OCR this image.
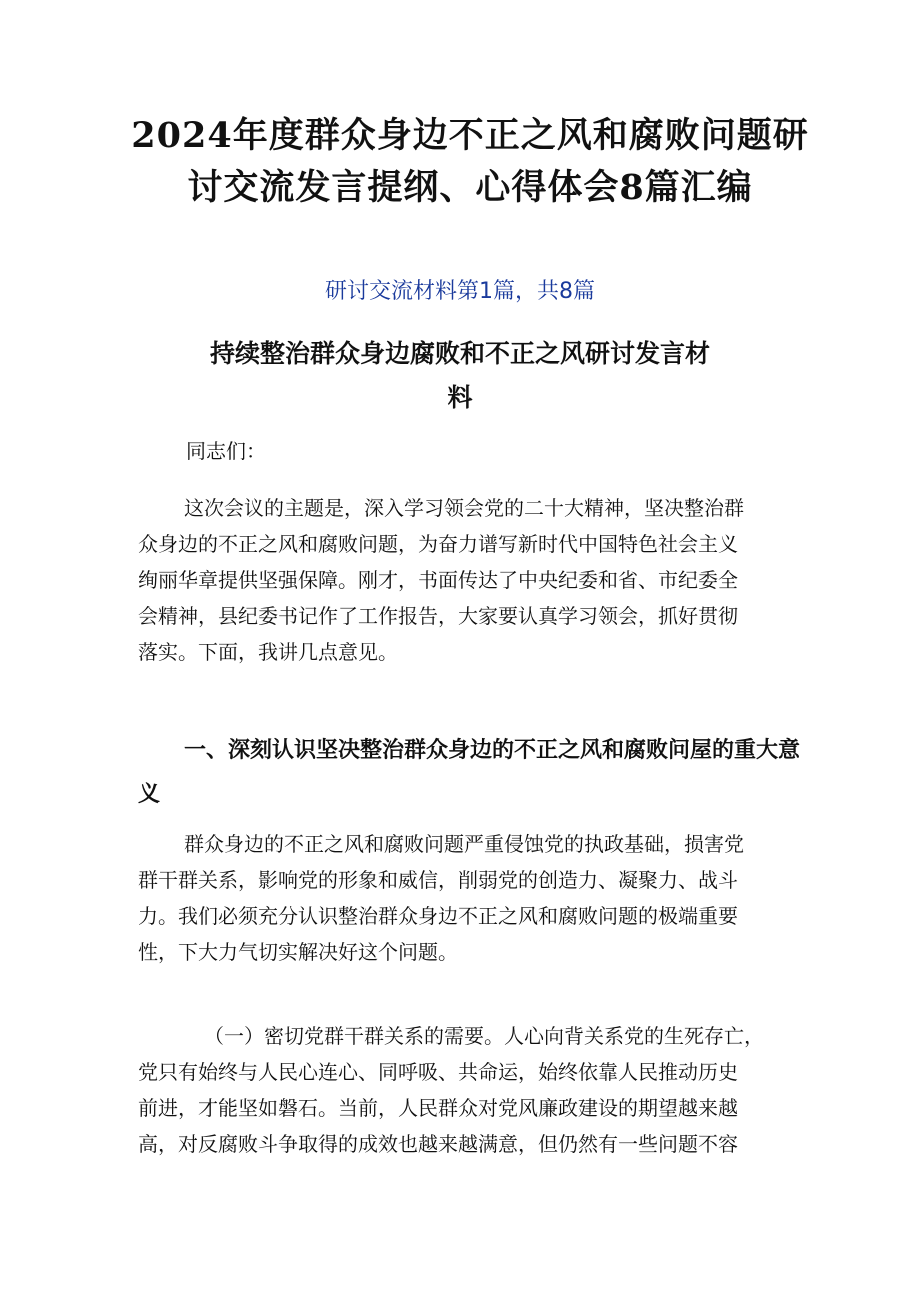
2024年度群众身边不正之风和腐败问题研
讨交流发言提纲、心得体会8篇汇编

研讨交流材料第1篇，共8篇

持续整治群众身边腐败和不正之风研讨发言材
料

同志们：

这次会议的主题是，深入学习领会党的二十大精神，坚决整治群
众身边的不正之风和腐败问题，为奋力谱写新时代中国特色社会主义
绚丽华章提供坚强保障。刚才，书面传达了中央纪委和省、市纪委全
会精神，县纪委书记作了工作报告，大家要认真学习领会，抓好贯彻
落实。下面，我讲几点意见。
一、深刻认识坚决整治群众身边的不正之风和腐败问屋的重大意
义
群众身边的不正之风和腐败问题严重侵蚀党的执政基础，损害党
群干群关系，影响党的形象和威信，削弱党的创造力、凝聚力、战斗
力。我们必须充分认识整治群众身边不正之风和腐败问题的极端重要
性，下大力气切实解决好这个问题。
（一）密切党群干群关系的需要。人心向背关系党的生死存亡，
党只有始终与人民心连心、同呼吸、共命运，始终依靠人民推动历史
前进，才能坚如磐石。当前，人民群众对党风廉政建设的期望越来越
高，对反腐败斗争取得的成效也越来越满意，但仍然有一些问题不容
